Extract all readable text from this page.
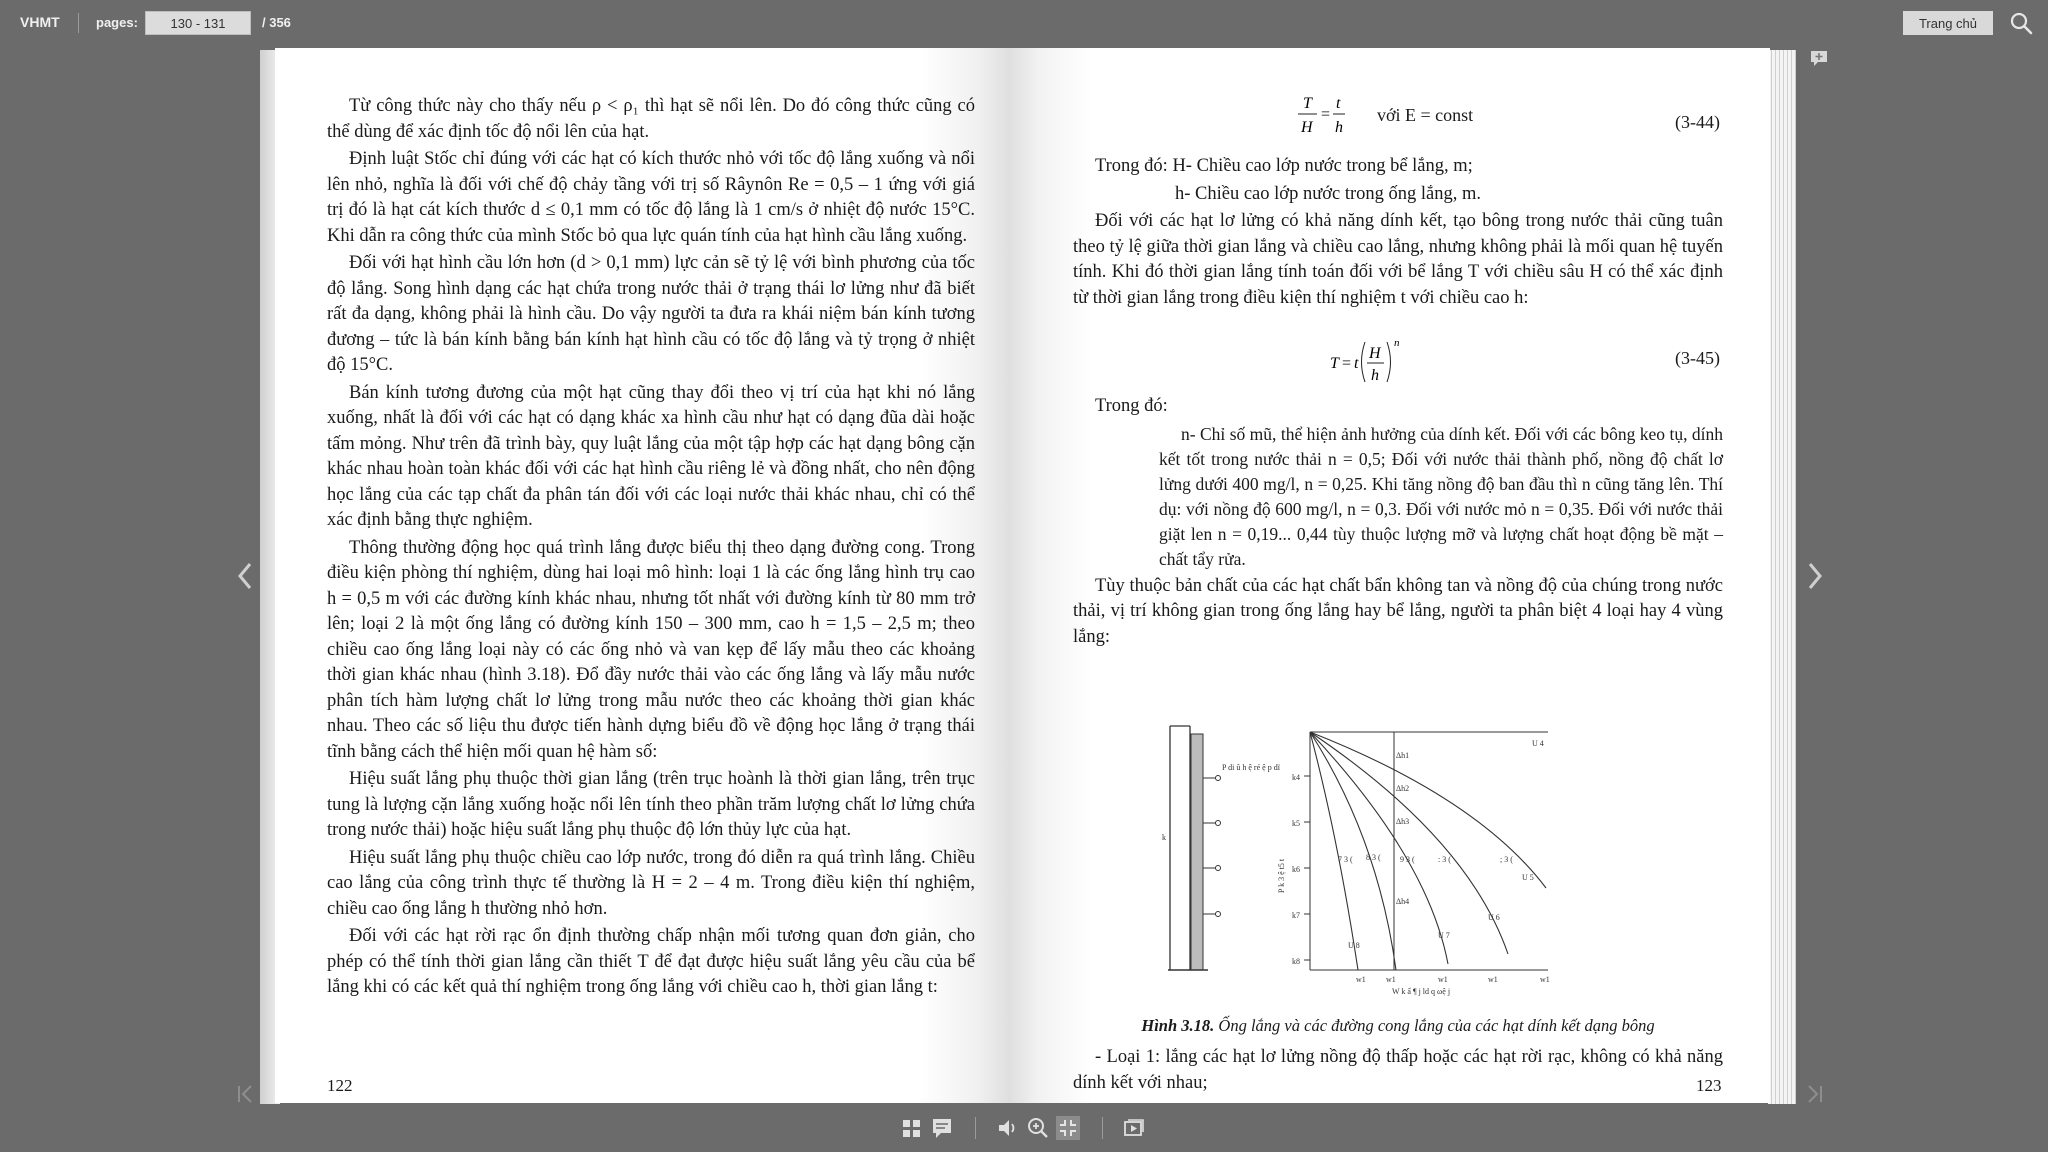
VHMT	pages:
130 - 131	/ 356	Trang chủ

Từ công thức này cho thấy nếu ρ < ρ₁ thì hạt sẽ nổi lên. Do đó công thức cũng có thể dùng để xác định tốc độ nổi lên của hạt.

Định luật Stốc chỉ đúng với các hạt có kích thước nhỏ với tốc độ lắng xuống và nổi lên nhỏ, nghĩa là đối với chế độ chảy tầng với trị số Râynôn Re = 0,5 – 1 ứng với giá trị đó là hạt cát kích thước d ≤ 0,1 mm có tốc độ lắng là 1 cm/s ở nhiệt độ nước 15°C. Khi dẫn ra công thức của mình Stốc bỏ qua lực quán tính của hạt hình cầu lắng xuống.

Đối với hạt hình cầu lớn hơn (d > 0,1 mm) lực cản sẽ tỷ lệ với bình phương của tốc độ lắng. Song hình dạng các hạt chứa trong nước thải ở trạng thái lơ lửng như đã biết rất đa dạng, không phải là hình cầu. Do vậy người ta đưa ra khái niệm bán kính tương đương – tức là bán kính bằng bán kính hạt hình cầu có tốc độ lắng và tỷ trọng ở nhiệt độ 15°C.

Bán kính tương đương của một hạt cũng thay đổi theo vị trí của hạt khi nó lắng xuống, nhất là đối với các hạt có dạng khác xa hình cầu như hạt có dạng đũa dài hoặc tấm mỏng. Như trên đã trình bày, quy luật lắng của một tập hợp các hạt dạng bông cặn khác nhau hoàn toàn khác đối với các hạt hình cầu riêng lẻ và đồng nhất, cho nên động học lắng của các tạp chất đa phân tán đối với các loại nước thải khác nhau, chỉ có thể xác định bằng thực nghiệm.

Thông thường động học quá trình lắng được biểu thị theo dạng đường cong. Trong điều kiện phòng thí nghiệm, dùng hai loại mô hình: loại 1 là các ống lắng hình trụ cao h = 0,5 m với các đường kính khác nhau, nhưng tốt nhất với đường kính từ 80 mm trở lên; loại 2 là một ống lắng có đường kính 150 – 300 mm, cao h = 1,5 – 2,5 m; theo chiều cao ống lắng loại này có các ống nhỏ và van kẹp để lấy mẫu theo các khoảng thời gian khác nhau (hình 3.18). Đổ đầy nước thải vào các ống lắng và lấy mẫu nước phân tích hàm lượng chất lơ lửng trong mẫu nước theo các khoảng thời gian khác nhau. Theo các số liệu thu được tiến hành dựng biểu đồ về động học lắng ở trạng thái tĩnh bằng cách thể hiện mối quan hệ hàm số:

Hiệu suất lắng phụ thuộc thời gian lắng (trên trục hoành là thời gian lắng, trên trục tung là lượng cặn lắng xuống hoặc nổi lên tính theo phần trăm lượng chất lơ lửng chứa trong nước thải) hoặc hiệu suất lắng phụ thuộc độ lớn thủy lực của hạt.

Hiệu suất lắng phụ thuộc chiều cao lớp nước, trong đó diễn ra quá trình lắng. Chiều cao lắng của công trình thực tế thường là H = 2 – 4 m. Trong điều kiện thí nghiệm, chiều cao ống lắng h thường nhỏ hơn.

Đối với các hạt rời rạc ổn định thường chấp nhận mối tương quan đơn giản, cho phép có thể tính thời gian lắng cần thiết T để đạt được hiệu suất lắng yêu cầu của bể lắng khi có các kết quả thí nghiệm trong ống lắng với chiều cao h, thời gian lắng t:

122
T
H
=
t
h
với E = const	(3-44)

Trong đó: H- Chiều cao lớp nước trong bể lắng, m;

h- Chiều cao lớp nước trong ống lắng, m.

Đối với các hạt lơ lửng có khả năng dính kết, tạo bông trong nước thải cũng tuân theo tỷ lệ giữa thời gian lắng và chiều cao lắng, nhưng không phải là mối quan hệ tuyến tính. Khi đó thời gian lắng tính toán đối với bể lắng T với chiều sâu H có thể xác định từ thời gian lắng trong điều kiện thí nghiệm t với chiều cao h:

T = t
H
h
n
(3-45)

Trong đó:

n- Chỉ số mũ, thể hiện ảnh hưởng của dính kết. Đối với các bông keo tụ, dính kết tốt trong nước thải n = 0,5; Đối với nước thải thành phố, nồng độ chất lơ lửng dưới 400 mg/l, n = 0,25. Khi tăng nồng độ ban đầu thì n cũng tăng lên. Thí dụ: với nồng độ 600 mg/l, n = 0,3. Đối với nước mỏ n = 0,35. Đối với nước thải giặt len n = 0,19... 0,44 tùy thuộc lượng mỡ và lượng chất hoạt động bề mặt – chất tẩy rửa.

Tùy thuộc bản chất của các hạt chất bẩn không tan và nồng độ của chúng trong nước thải, vị trí không gian trong ống lắng hay bể lắng, người ta phân biệt 4 loại hay 4 vùng lắng:

P di û h ệ ré ệ p dï
k
k4
k5
k6
k7
k8
Δh1
Δh2
Δh3
Δh4
U 4
U 5
U 6
U 7
U 8
7 3 ( 8 3 ( 9 3 (	: 3 (	; 3 (
w1	w1	w1	w1	w1
W k ấ ¶ j ld q ωệ j
P k 3 ệ t5 t
Hình 3.18. Ống lắng và các đường cong lắng của các hạt dính kết dạng bông

- Loại 1: lắng các hạt lơ lửng nồng độ thấp hoặc các hạt rời rạc, không có khả năng dính kết với nhau;	123
